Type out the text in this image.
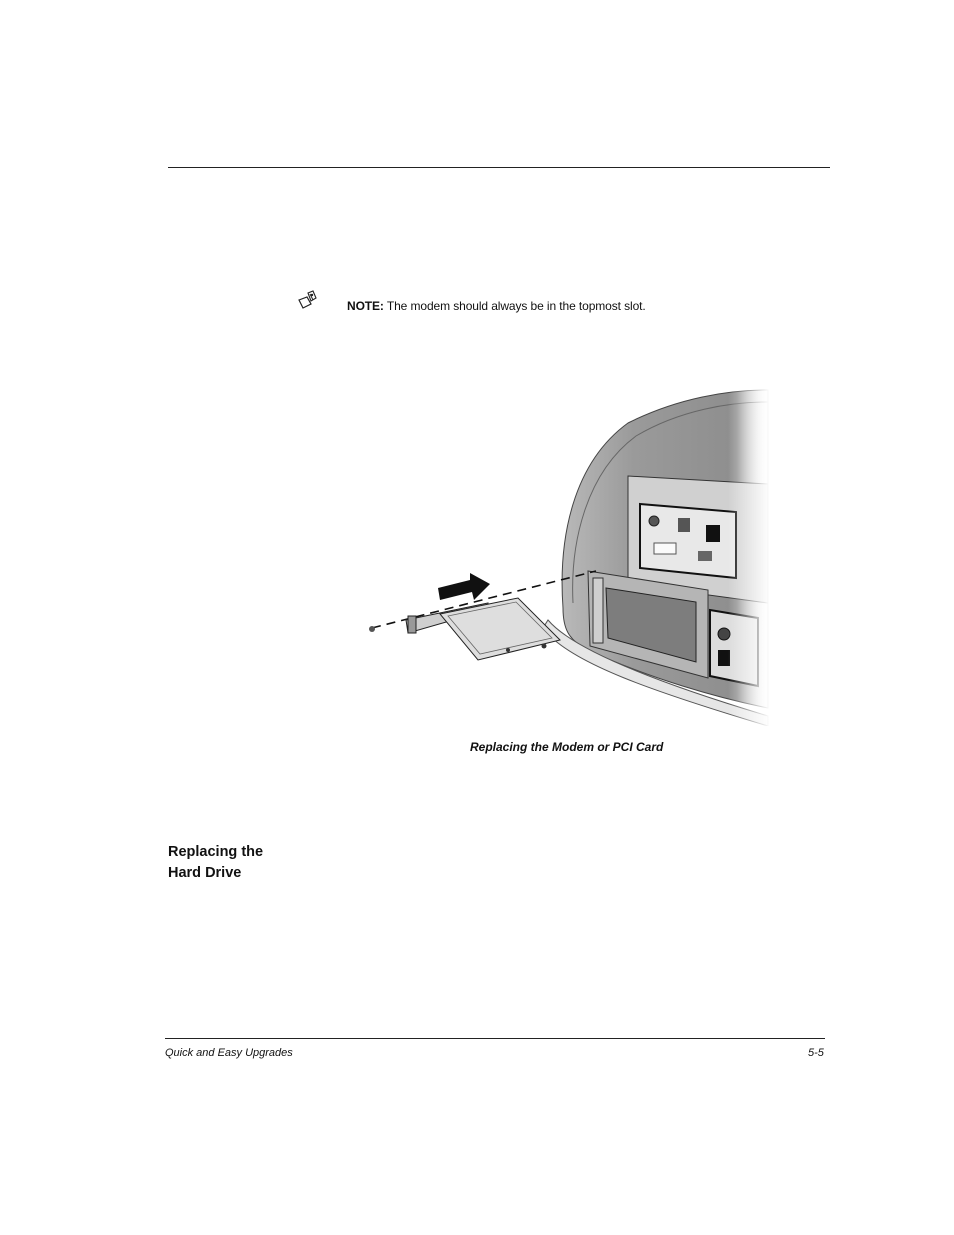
NOTE: The modem should always be in the topmost slot.
Replacing the Modem or PCI Card
Replacing the
Hard Drive
Quick and Easy Upgrades	5-5
